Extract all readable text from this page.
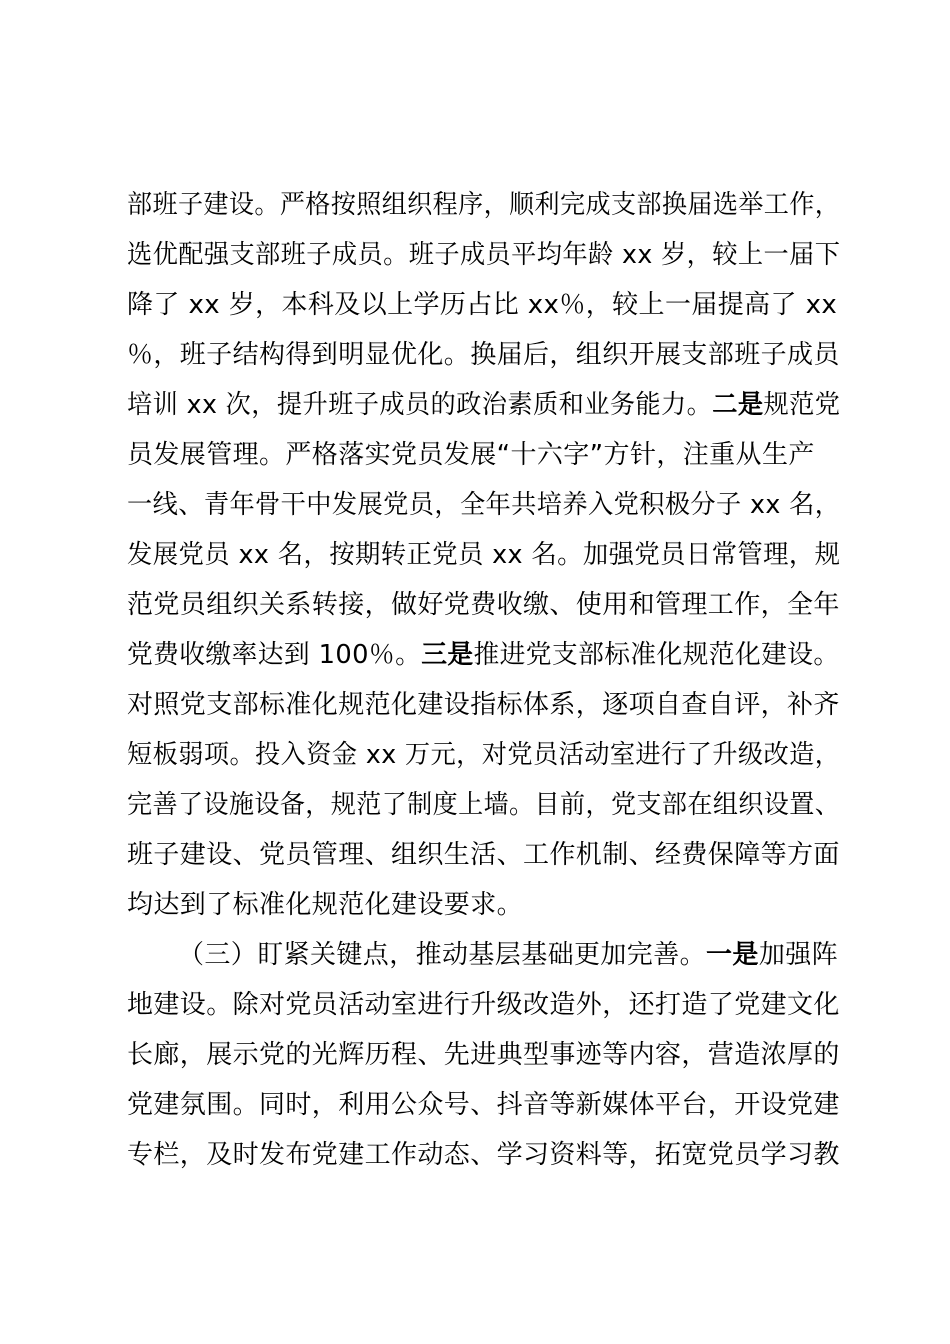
部班子建设。严格按照组织程序，顺利完成支部换届选举工作，
选优配强支部班子成员。班子成员平均年龄 xx 岁，较上一届下
降了 xx 岁，本科及以上学历占比 xx％，较上一届提高了 xx
％，班子结构得到明显优化。换届后，组织开展支部班子成员
培训 xx 次，提升班子成员的政治素质和业务能力。二是规范党
员发展管理。严格落实党员发展“十六字”方针，注重从生产
一线、青年骨干中发展党员，全年共培养入党积极分子 xx 名，
发展党员 xx 名，按期转正党员 xx 名。加强党员日常管理，规
范党员组织关系转接，做好党费收缴、使用和管理工作，全年
党费收缴率达到 100％。三是推进党支部标准化规范化建设。
对照党支部标准化规范化建设指标体系，逐项自查自评，补齐
短板弱项。投入资金 xx 万元，对党员活动室进行了升级改造，
完善了设施设备，规范了制度上墙。目前，党支部在组织设置、
班子建设、党员管理、组织生活、工作机制、经费保障等方面
均达到了标准化规范化建设要求。
（三）盯紧关键点，推动基层基础更加完善。一是加强阵
地建设。除对党员活动室进行升级改造外，还打造了党建文化
长廊，展示党的光辉历程、先进典型事迹等内容，营造浓厚的
党建氛围。同时，利用公众号、抖音等新媒体平台，开设党建
专栏，及时发布党建工作动态、学习资料等，拓宽党员学习教
